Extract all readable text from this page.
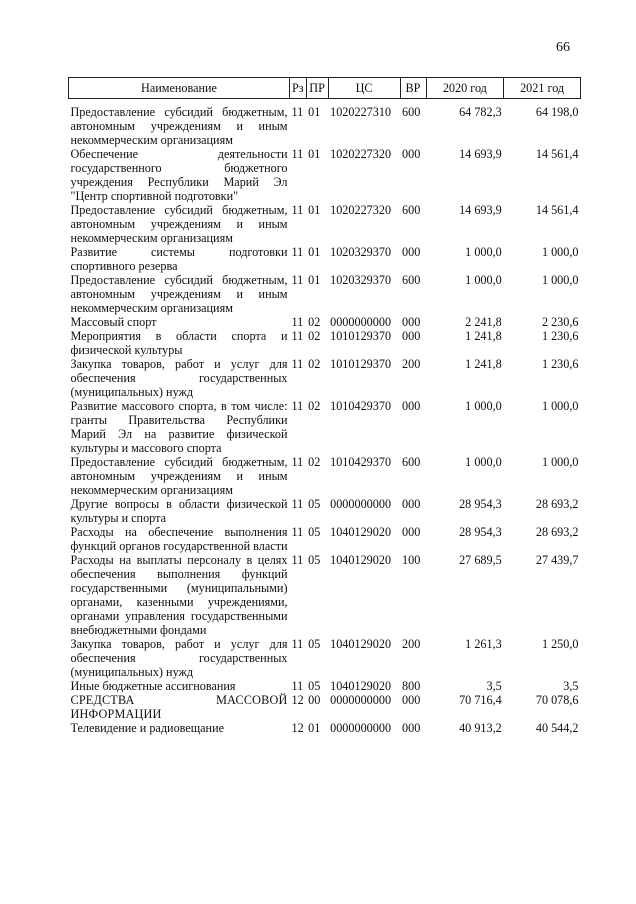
66
Наименование	Рз	ПР	ЦС	ВР	2020 год	2021 год

Предоставление субсидий бюджетным, автономным учреждениям и иным некоммерческим организациям	11	01	1020227310	600	64 782,3	64 198,0
Обеспечение деятельности государственного бюджетного учреждения Республики Марий Эл "Центр спортивной подготовки"	11	01	1020227320	000	14 693,9	14 561,4
Предоставление субсидий бюджетным, автономным учреждениям и иным некоммерческим организациям	11	01	1020227320	600	14 693,9	14 561,4
Развитие системы подготовки спортивного резерва	11	01	1020329370	000	1 000,0	1 000,0
Предоставление субсидий бюджетным, автономным учреждениям и иным некоммерческим организациям	11	01	1020329370	600	1 000,0	1 000,0
Массовый спорт	11	02	0000000000	000	2 241,8	2 230,6
Мероприятия в области спорта и физической культуры	11	02	1010129370	000	1 241,8	1 230,6
Закупка товаров, работ и услуг для обеспечения государственных (муниципальных) нужд	11	02	1010129370	200	1 241,8	1 230,6
Развитие массового спорта, в том числе: гранты Правительства Республики Марий Эл на развитие физической культуры и массового спорта	11	02	1010429370	000	1 000,0	1 000,0
Предоставление субсидий бюджетным, автономным учреждениям и иным некоммерческим организациям	11	02	1010429370	600	1 000,0	1 000,0
Другие вопросы в области физической культуры и спорта	11	05	0000000000	000	28 954,3	28 693,2
Расходы на обеспечение выполнения функций органов государственной власти	11	05	1040129020	000	28 954,3	28 693,2
Расходы на выплаты персоналу в целях обеспечения выполнения функций государственными (муниципальными) органами, казенными учреждениями, органами управления государственными внебюджетными фондами	11	05	1040129020	100	27 689,5	27 439,7
Закупка товаров, работ и услуг для обеспечения государственных (муниципальных) нужд	11	05	1040129020	200	1 261,3	1 250,0
Иные бюджетные ассигнования	11	05	1040129020	800	3,5	3,5
СРЕДСТВА МАССОВОЙ ИНФОРМАЦИИ	12	00	0000000000	000	70 716,4	70 078,6
Телевидение и радиовещание	12	01	0000000000	000	40 913,2	40 544,2
